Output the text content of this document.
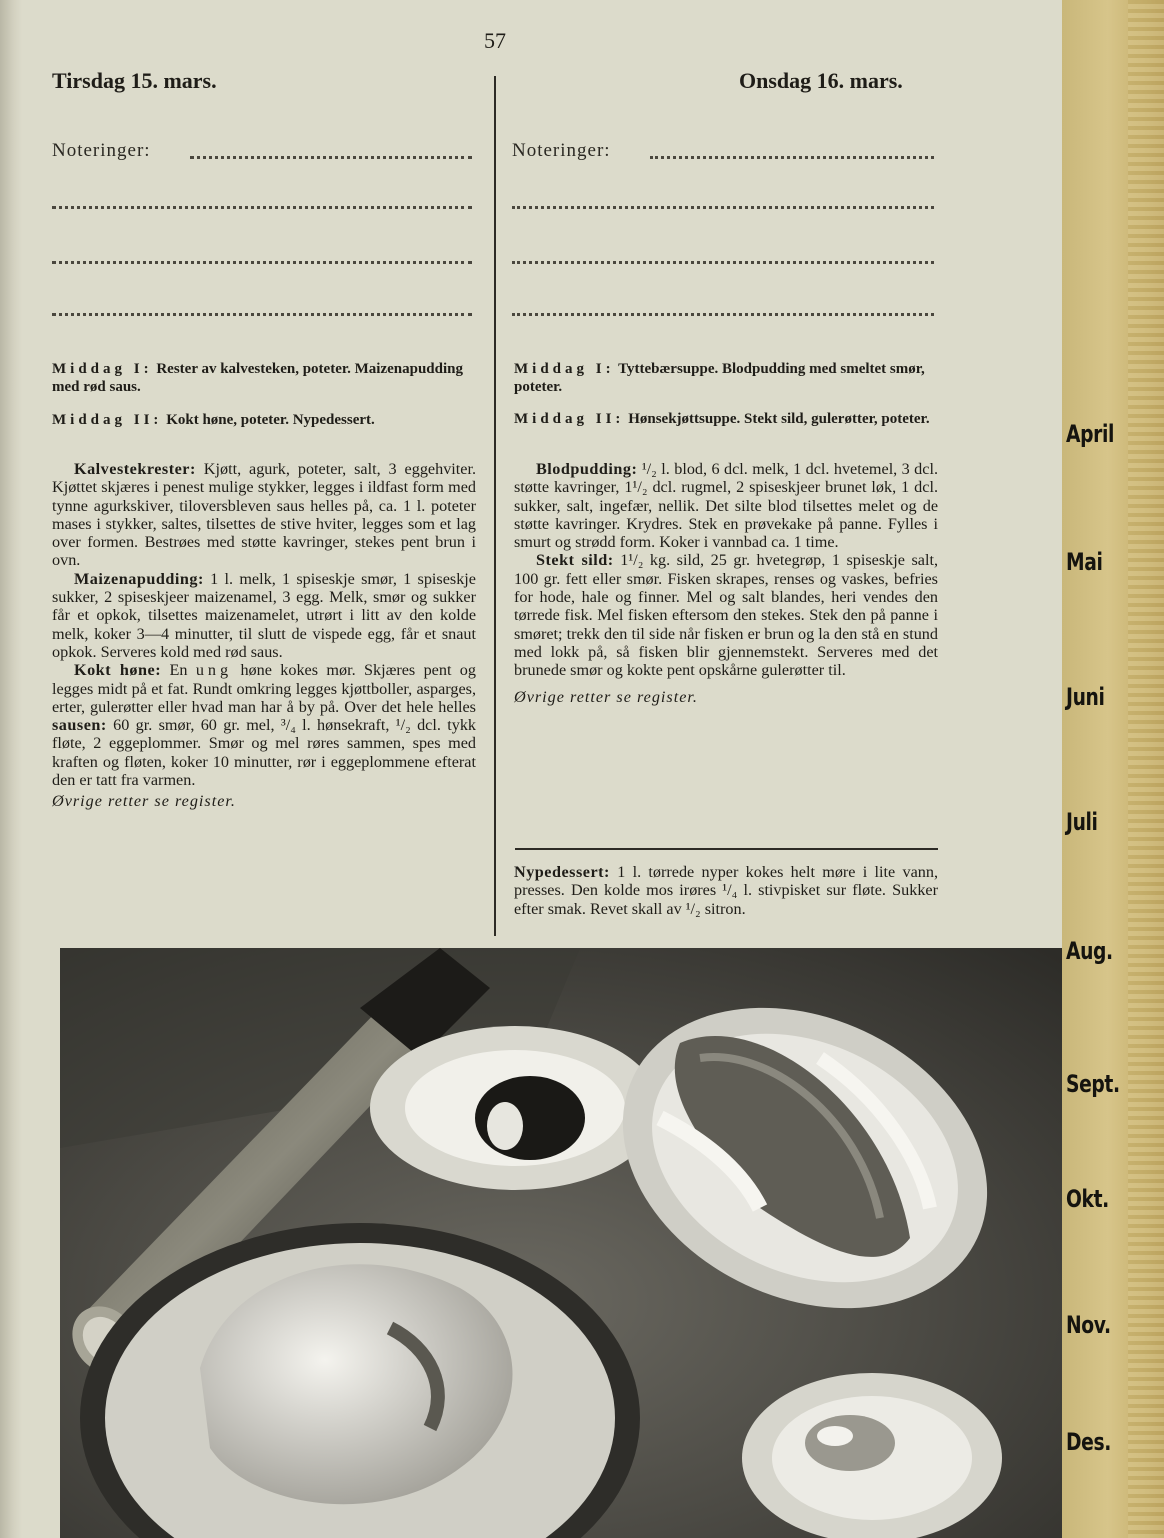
57
Tirsdag 15. mars.	Onsdag 16. mars.
Noteringer:
Middag I: Rester av kalvesteken, poteter. Maizenapudding med rød saus.
Middag II: Kokt høne, poteter. Nypedessert.

Kalvestekrester: Kjøtt, agurk, poteter, salt, 3 eggehviter. Kjøttet skjæres i penest mulige stykker, legges i ildfast form med tynne agurkskiver, tiloversbleven saus helles på, ca. 1 l. poteter mases i stykker, saltes, tilsettes de stive hviter, legges som et lag over formen. Bestrøes med støtte kavringer, stekes pent brun i ovn.

Maizenapudding: 1 l. melk, 1 spiseskje smør, 1 spiseskje sukker, 2 spiseskjeer maizenamel, 3 egg. Melk, smør og sukker får et opkok, tilsettes maizenamelet, utrørt i litt av den kolde melk, koker 3—4 minutter, til slutt de vispede egg, får et snaut opkok. Serveres kold med rød saus.

Kokt høne: En ung høne kokes mør. Skjæres pent og legges midt på et fat. Rundt omkring legges kjøttboller, asparges, erter, gulerøtter eller hvad man har å by på. Over det hele helles sausen: 60 gr. smør, 60 gr. mel, ³/₄ l. hønsekraft, ¹/₂ dcl. tykk fløte, 2 eggeplommer. Smør og mel røres sammen, spes med kraften og fløten, koker 10 minutter, rør i eggeplommene efterat den er tatt fra varmen.

Øvrige retter se register.

Noteringer:
Middag I: Tyttebærsuppe. Blodpudding med smeltet smør, poteter.
Middag II: Hønsekjøttsuppe. Stekt sild, gulerøtter, poteter.

Blodpudding: ¹/₂ l. blod, 6 dcl. melk, 1 dcl. hvetemel, 3 dcl. støtte kavringer, 1¹/₂ dcl. rugmel, 2 spiseskjeer brunet løk, 1 dcl. sukker, salt, ingefær, nellik. Det silte blod tilsettes melet og de støtte kavringer. Krydres. Stek en prøvekake på panne. Fylles i smurt og strødd form. Koker i vannbad ca. 1 time.

Stekt sild: 1¹/₂ kg. sild, 25 gr. hvetegrøp, 1 spiseskje salt, 100 gr. fett eller smør. Fisken skrapes, renses og vaskes, befries for hode, hale og finner. Mel og salt blandes, heri vendes den tørrede fisk. Mel fisken eftersom den stekes. Stek den på panne i smøret; trekk den til side når fisken er brun og la den stå en stund med lokk på, så fisken blir gjennemstekt. Serveres med det brunede smør og kokte pent opskårne gulerøtter til.

Øvrige retter se register.

Nypedessert: 1 l. tørrede nyper kokes helt møre i lite vann, presses. Den kolde mos irøres ¹/₄ l. stivpisket sur fløte. Sukker efter smak. Revet skall av ¹/₂ sitron.

April
Mai
Juni
Juli
Aug.
Sept.
Okt.
Nov.
Des.
